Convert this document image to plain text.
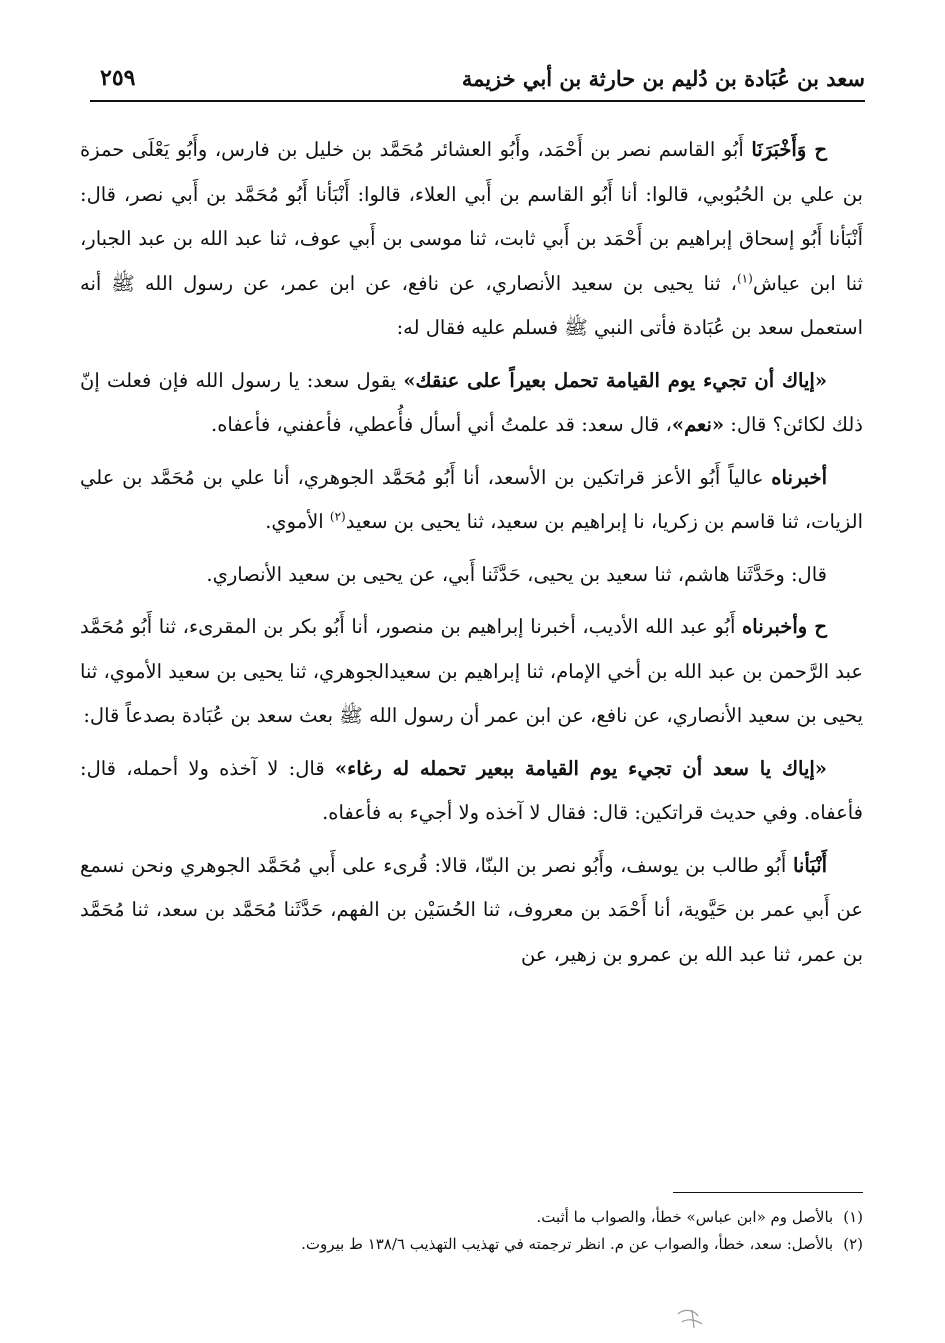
سعد بن عُبَادة بن دُليم بن حارثة بن أبي خزيمة
٢٥٩

ح وَأَخْبَرَنَا أَبُو القاسم نصر بن أَحْمَد، وأَبُو العشائر مُحَمَّد بن خليل بن فارس، وأَبُو يَعْلَى حمزة بن علي بن الحُبُوبي، قالوا: أنا أَبُو القاسم بن أَبي العلاء، قالوا: أَنْبَأنا أَبُو مُحَمَّد بن أَبي نصر، قال: أَنْبَأنا أَبُو إسحاق إبراهيم بن أَحْمَد بن أَبي ثابت، ثنا موسى بن أَبي عوف، ثنا عبد الله بن عبد الجبار، ثنا ابن عياش$^{(١)}$، ثنا يحيى بن سعيد الأنصاري، عن نافع، عن ابن عمر، عن رسول الله ﷺ أنه استعمل سعد بن عُبَادة فأتى النبي ﷺ فسلم عليه فقال له:

«إياك أن تجيء يوم القيامة تحمل بعيراً على عنقك» يقول سعد: يا رسول الله فإن فعلت إنّ ذلك لكائن؟ قال: «نعم»، قال سعد: قد علمتُ أني أسأل فأُعطي، فأعفني، فأعفاه.

أخبرناه عالياً أَبُو الأعز قراتكين بن الأسعد، أنا أَبُو مُحَمَّد الجوهري، أنا علي بن مُحَمَّد بن علي الزيات، ثنا قاسم بن زكريا، نا إبراهيم بن سعيد، ثنا يحيى بن سعيد$^{(٢)}$ الأموي.

قال: وحَدَّثَنا هاشم، ثنا سعيد بن يحيى، حَدَّثَنا أَبي، عن يحيى بن سعيد الأنصاري.

ح وأخبرناه أَبُو عبد الله الأديب، أخبرنا إبراهيم بن منصور، أنا أَبُو بكر بن المقرىء، ثنا أَبُو مُحَمَّد عبد الرَّحمن بن عبد الله بن أخي الإمام، ثنا إبراهيم بن سعيدالجوهري، ثنا يحيى بن سعيد الأموي، ثنا يحيى بن سعيد الأنصاري، عن نافع، عن ابن عمر أن رسول الله ﷺ بعث سعد بن عُبَادة بصدعاً قال:

«إياك يا سعد أن تجيء يوم القيامة ببعير تحمله له رغاء» قال: لا آخذه ولا أحمله، قال: فأعفاه. وفي حديث قراتكين: قال: فقال لا آخذه ولا أجيء به فأعفاه.

أَنْبَأنا أَبُو طالب بن يوسف، وأَبُو نصر بن البنّا، قالا: قُرىء على أَبي مُحَمَّد الجوهري ونحن نسمع عن أَبي عمر بن حَيَّوية، أنا أَحْمَد بن معروف، ثنا الحُسَيْن بن الفهم، حَدَّثَنا مُحَمَّد بن سعد، ثنا مُحَمَّد بن عمر، ثنا عبد الله بن عمرو بن زهير، عن

(١)بالأصل وم «ابن عباس» خطأ، والصواب ما أثبت.

(٢)بالأصل: سعد، خطأ، والصواب عن م. انظر ترجمته في تهذيب التهذيب ١٣٨/٦ ط بيروت.
